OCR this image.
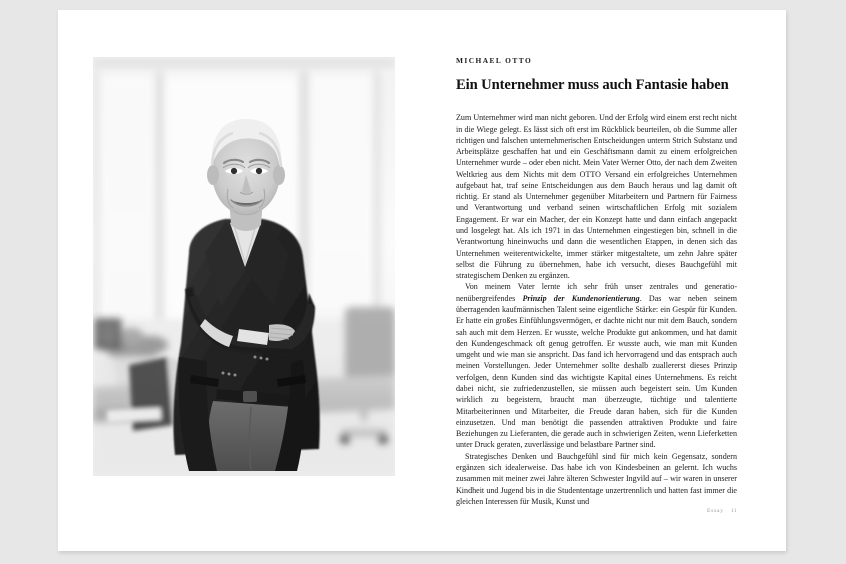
MICHAEL OTTO
Ein Unternehmer muss auch Fantasie haben

Zum Unternehmer wird man nicht geboren. Und der Erfolg wird einem erst recht nicht in die Wiege gelegt. Es lässt sich oft erst im Rückblick beurteilen, ob die Summe aller richtigen und falschen unternehmerischen Entscheidungen unterm Strich Substanz und Arbeitsplätze geschaffen hat und ein Geschäftsmann damit zu einem erfolgreichen Unternehmer wurde – oder eben nicht. Mein Vater Werner Otto, der nach dem Zweiten Weltkrieg aus dem Nichts mit dem OTTO Versand ein erfolgreiches Unternehmen aufgebaut hat, traf seine Entscheidungen aus dem Bauch heraus und lag damit oft richtig. Er stand als Unternehmer gegenüber Mitarbeitern und Partnern für Fairness und Verantwortung und verband seinen wirtschaftlichen Erfolg mit sozialem Engagement. Er war ein Macher, der ein Konzept hatte und dann einfach angepackt und losgelegt hat. Als ich 1971 in das Unternehmen eingestiegen bin, schnell in die Verantwortung hineinwuchs und dann die wesentlichen Etappen, in denen sich das Unternehmen weiterentwickelte, immer stärker mitgestaltete, um zehn Jahre später selbst die Führung zu übernehmen, habe ich versucht, dieses Bauchgefühl mit strategischem Denken zu ergänzen.

Von meinem Vater lernte ich sehr früh unser zentrales und generationenübergreifendes Prinzip der Kundenorientierung. Das war neben seinem überragenden kaufmännischen Talent seine eigentliche Stärke: ein Gespür für Kunden. Er hatte ein großes Einfühlungsvermögen, er dachte nicht nur mit dem Bauch, sondern sah auch mit dem Herzen. Er wusste, welche Produkte gut ankommen, und hat damit den Kundengeschmack oft genug getroffen. Er wusste auch, wie man mit Kunden umgeht und wie man sie anspricht. Das fand ich hervorragend und das entsprach auch meinen Vorstellungen. Jeder Unternehmer sollte deshalb zuallererst dieses Prinzip verfolgen, denn Kunden sind das wichtigste Kapital eines Unternehmens. Es reicht dabei nicht, sie zufriedenzustellen, sie müssen auch begeistert sein. Um Kunden wirklich zu begeistern, braucht man überzeugte, tüchtige und talentierte Mitarbeiterinnen und Mitarbeiter, die Freude daran haben, sich für die Kunden einzusetzen. Und man benötigt die passenden attraktiven Produkte und faire Beziehungen zu Lieferanten, die gerade auch in schwierigen Zeiten, wenn Lieferketten unter Druck geraten, zuverlässige und belastbare Partner sind.

Strategisches Denken und Bauchgefühl sind für mich kein Gegensatz, sondern ergänzen sich idealerweise. Das habe ich von Kindesbeinen an gelernt. Ich wuchs zusammen mit meiner zwei Jahre älteren Schwester Ingvild auf – wir waren in unserer Kindheit und Jugend bis in die Studententage unzertrennlich und hatten fast immer die gleichen Interessen für Musik, Kunst und

Essay 11
